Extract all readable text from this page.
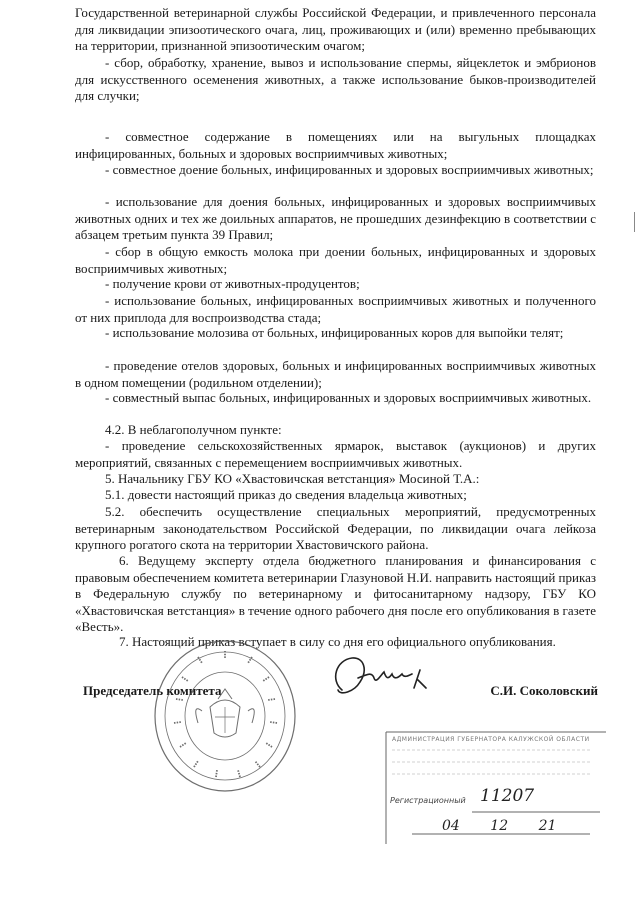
Государственной ветеринарной службы Российской Федерации, и привлеченного персонала для ликвидации эпизоотического очага, лиц, проживающих и (или) временно пребывающих на территории, признанной эпизоотическим очагом;

- сбор, обработку, хранение, вывоз и использование спермы, яйцеклеток и эмбрионов для искусственного осеменения животных, а также использование быков-производителей для случки;

- совместное содержание в помещениях или на выгульных площадках инфицированных, больных и здоровых восприимчивых животных;

- совместное доение больных, инфицированных и здоровых восприимчивых животных;

- использование для доения больных, инфицированных и здоровых восприимчивых животных одних и тех же доильных аппаратов, не прошедших дезинфекцию в соответствии с абзацем третьим пункта 39 Правил;

- сбор в общую емкость молока при доении больных, инфицированных и здоровых восприимчивых животных;

- получение крови от животных-продуцентов;

- использование больных, инфицированных восприимчивых животных и полученного от них приплода для воспроизводства стада;

- использование молозива от больных, инфицированных коров для выпойки телят;

- проведение отелов здоровых, больных и инфицированных восприимчивых животных в одном помещении (родильном отделении);

- совместный выпас больных, инфицированных и здоровых восприимчивых животных.

4.2. В неблагополучном пункте:

- проведение сельскохозяйственных ярмарок, выставок (аукционов) и других мероприятий, связанных с перемещением восприимчивых животных.

5. Начальнику ГБУ КО «Хвастовичская ветстанция» Мосиной Т.А.:

5.1. довести настоящий приказ до сведения владельца животных;

5.2. обеспечить осуществление специальных мероприятий, предусмотренных ветеринарным законодательством Российской Федерации, по ликвидации очага лейкоза крупного рогатого скота на территории Хвастовичского района.

6. Ведущему эксперту отдела бюджетного планирования и финансирования с правовым обеспечением комитета ветеринарии Глазуновой Н.И. направить настоящий приказ в Федеральную службу по ветеринарному и фитосанитарному надзору, ГБУ КО «Хвастовичская ветстанция» в течение одного рабочего дня после его опубликования в газете «Весть».

7. Настоящий приказ вступает в силу со дня его официального опубликования.

Председатель комитета	С.И. Соколовский
АДМИНИСТРАЦИЯ ГУБЕРНАТОРА КАЛУЖСКОЙ ОБЛАСТИ
Регистрационный 11207
04 12 21
